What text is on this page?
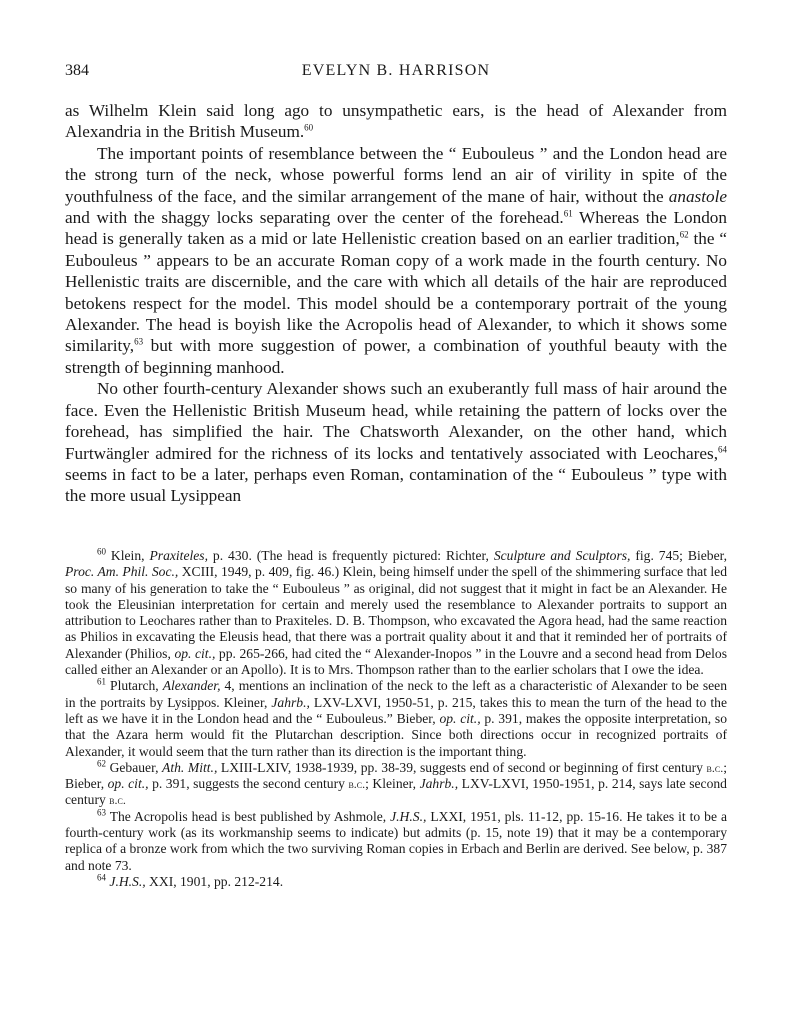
384	EVELYN B. HARRISON

as Wilhelm Klein said long ago to unsympathetic ears, is the head of Alexander from Alexandria in the British Museum.$^{60}$

The important points of resemblance between the “ Eubouleus ” and the London head are the strong turn of the neck, whose powerful forms lend an air of virility in spite of the youthfulness of the face, and the similar arrangement of the mane of hair, without the anastole and with the shaggy locks separating over the center of the forehead.$^{61}$ Whereas the London head is generally taken as a mid or late Hellenistic creation based on an earlier tradition,$^{62}$ the “ Eubouleus ” appears to be an accurate Roman copy of a work made in the fourth century. No Hellenistic traits are discernible, and the care with which all details of the hair are reproduced betokens respect for the model. This model should be a contemporary portrait of the young Alexander. The head is boyish like the Acropolis head of Alexander, to which it shows some similarity,$^{63}$ but with more suggestion of power, a combination of youthful beauty with the strength of beginning manhood.

No other fourth-century Alexander shows such an exuberantly full mass of hair around the face. Even the Hellenistic British Museum head, while retaining the pattern of locks over the forehead, has simplified the hair. The Chatsworth Alexander, on the other hand, which Furtwängler admired for the richness of its locks and tentatively associated with Leochares,$^{64}$ seems in fact to be a later, perhaps even Roman, contamination of the “ Eubouleus ” type with the more usual Lysippean

$^{60}$ Klein, Praxiteles, p. 430. (The head is frequently pictured: Richter, Sculpture and Sculptors, fig. 745; Bieber, Proc. Am. Phil. Soc., XCIII, 1949, p. 409, fig. 46.) Klein, being himself under the spell of the shimmering surface that led so many of his generation to take the “ Eubouleus ” as original, did not suggest that it might in fact be an Alexander. He took the Eleusinian interpretation for certain and merely used the resemblance to Alexander portraits to support an attribution to Leochares rather than to Praxiteles. D. B. Thompson, who excavated the Agora head, had the same reaction as Philios in excavating the Eleusis head, that there was a portrait quality about it and that it reminded her of portraits of Alexander (Philios, op. cit., pp. 265-266, had cited the “ Alexander-Inopos ” in the Louvre and a second head from Delos called either an Alexander or an Apollo). It is to Mrs. Thompson rather than to the earlier scholars that I owe the idea.

$^{61}$ Plutarch, Alexander, 4, mentions an inclination of the neck to the left as a characteristic of Alexander to be seen in the portraits by Lysippos. Kleiner, Jahrb., LXV-LXVI, 1950-51, p. 215, takes this to mean the turn of the head to the left as we have it in the London head and the “ Eubouleus.” Bieber, op. cit., p. 391, makes the opposite interpretation, so that the Azara herm would fit the Plutarchan description. Since both directions occur in recognized portraits of Alexander, it would seem that the turn rather than its direction is the important thing.

$^{62}$ Gebauer, Ath. Mitt., LXIII-LXIV, 1938-1939, pp. 38-39, suggests end of second or beginning of first century b.c.; Bieber, op. cit., p. 391, suggests the second century b.c.; Kleiner, Jahrb., LXV-LXVI, 1950-1951, p. 214, says late second century b.c.

$^{63}$ The Acropolis head is best published by Ashmole, J.H.S., LXXI, 1951, pls. 11-12, pp. 15-16. He takes it to be a fourth-century work (as its workmanship seems to indicate) but admits (p. 15, note 19) that it may be a contemporary replica of a bronze work from which the two surviving Roman copies in Erbach and Berlin are derived. See below, p. 387 and note 73.

$^{64}$ J.H.S., XXI, 1901, pp. 212-214.
